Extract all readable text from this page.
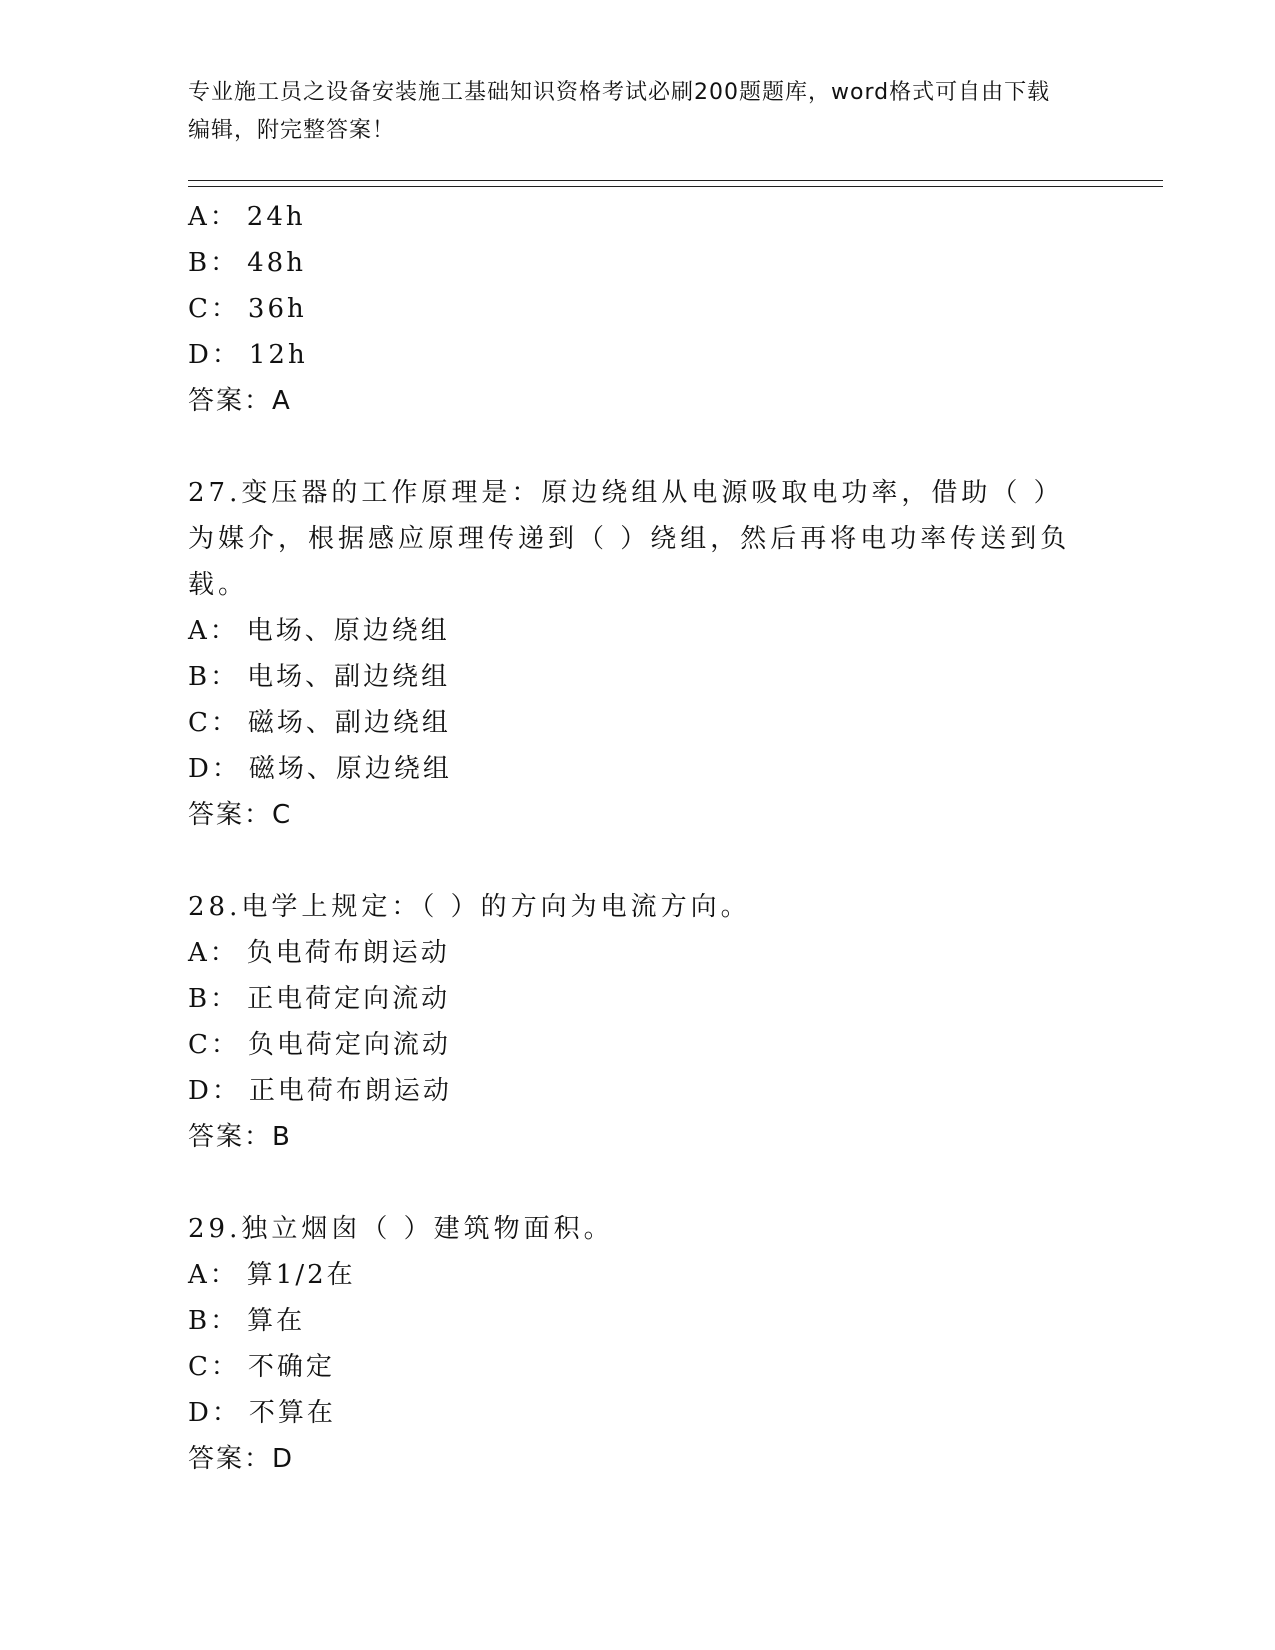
专业施工员之设备安装施工基础知识资格考试必刷200题题库，word格式可自由下载编辑，附完整答案！
A： 24h
B： 48h
C： 36h
D： 12h
答案：A
27.变压器的工作原理是：原边绕组从电源吸取电功率，借助（ ）为媒介，根据感应原理传递到（ ）绕组，然后再将电功率传送到负载。
A： 电场、原边绕组
B： 电场、副边绕组
C： 磁场、副边绕组
D： 磁场、原边绕组
答案：C
28.电学上规定：（ ）的方向为电流方向。
A： 负电荷布朗运动
B： 正电荷定向流动
C： 负电荷定向流动
D： 正电荷布朗运动
答案：B
29.独立烟囱（ ）建筑物面积。
A： 算1/2在
B： 算在
C： 不确定
D： 不算在
答案：D
